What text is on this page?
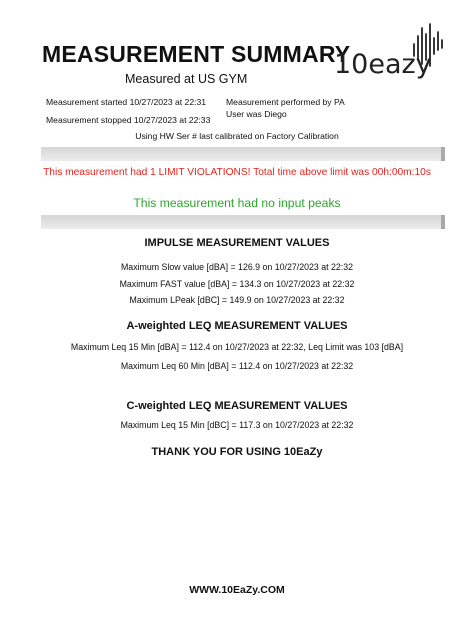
MEASUREMENT SUMMARY
Measured at US GYM	10eazy
Measurement started 10/27/2023 at 22:31
Measurement stopped 10/27/2023 at 22:33
Measurement performed by PA
User was Diego
Using HW Ser # last calibrated on Factory Calibration
This measurement had 1 LIMIT VIOLATIONS! Total time above limit was 00h:00m:10s
This measurement had no input peaks
IMPULSE MEASUREMENT VALUES
Maximum Slow value [dBA] = 126.9 on 10/27/2023 at 22:32
Maximum FAST value [dBA] = 134.3 on 10/27/2023 at 22:32
Maximum LPeak [dBC] = 149.9 on 10/27/2023 at 22:32
A-weighted LEQ MEASUREMENT VALUES
Maximum Leq 15 Min [dBA] = 112.4 on 10/27/2023 at 22:32, Leq Limit was 103 [dBA]
Maximum Leq 60 Min [dBA] = 112.4 on 10/27/2023 at 22:32
C-weighted LEQ MEASUREMENT VALUES
Maximum Leq 15 Min [dBC] = 117.3 on 10/27/2023 at 22:32
THANK YOU FOR USING 10EaZy
WWW.10EaZy.COM
